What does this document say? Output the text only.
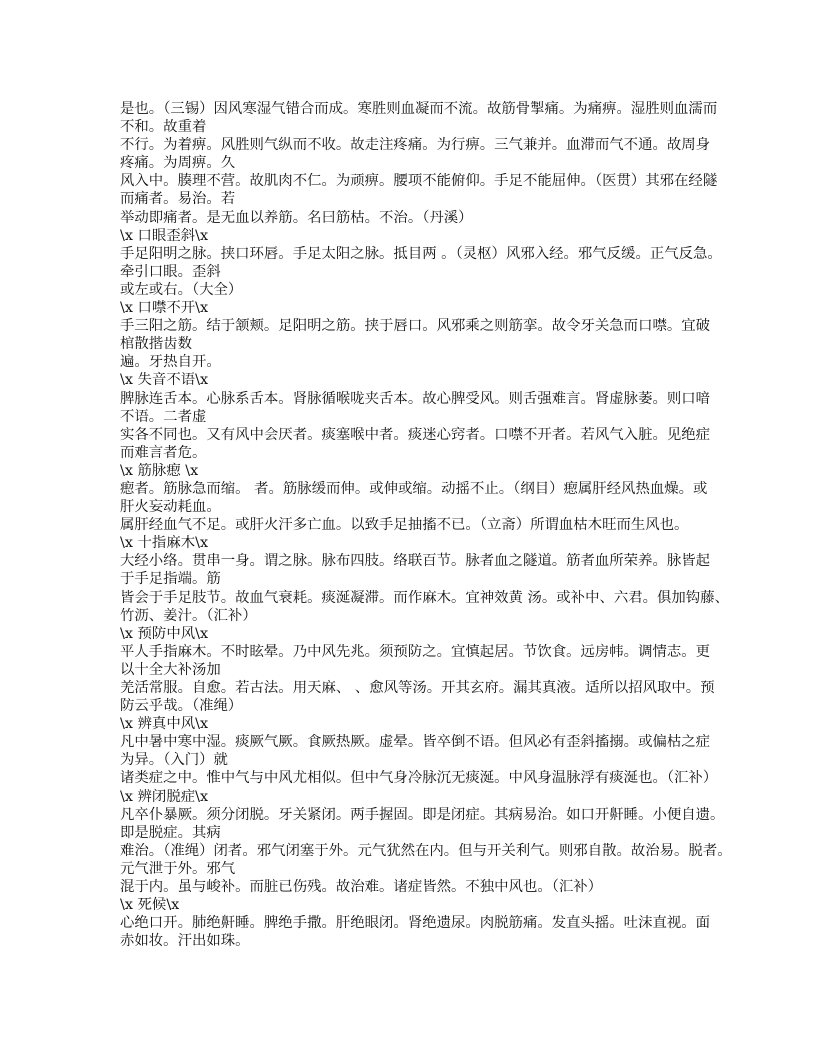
是也。（三锡）因风寒湿气错合而成。寒胜则血凝而不流。故筋骨掣痛。为痛痹。湿胜则血濡而
不和。故重着
不行。为着痹。风胜则气纵而不收。故走注疼痛。为行痹。三气兼并。血滞而气不通。故周身
疼痛。为周痹。久
风入中。腠理不营。故肌肉不仁。为顽痹。腰项不能俯仰。手足不能屈伸。（医贯）其邪在经隧
而痛者。易治。若
举动即痛者。是无血以养筋。名曰筋枯。不治。（丹溪）
\x 口眼歪斜\x
手足阳明之脉。挟口环唇。手足太阳之脉。抵目两 。（灵枢）风邪入经。邪气反缓。正气反急。
牵引口眼。歪斜
或左或右。（大全）
\x 口噤不开\x
手三阳之筋。结于颔颊。足阳明之筋。挟于唇口。风邪乘之则筋挛。故令牙关急而口噤。宜破
棺散揩齿数
遍。牙热自开。
\x 失音不语\x
脾脉连舌本。心脉系舌本。肾脉循喉咙夹舌本。故心脾受风。则舌强难言。肾虚脉萎。则口喑
不语。二者虚
实各不同也。又有风中会厌者。痰塞喉中者。痰迷心窍者。口噤不开者。若风气入脏。见绝症
而难言者危。
\x 筋脉瘛 \x
瘛者。筋脉急而缩。 者。筋脉缓而伸。或伸或缩。动摇不止。（纲目）瘛属肝经风热血燥。或
肝火妄动耗血。
属肝经血气不足。或肝火汗多亡血。以致手足抽搐不已。（立斋）所谓血枯木旺而生风也。
\x 十指麻木\x
大经小络。贯串一身。谓之脉。脉布四肢。络联百节。脉者血之隧道。筋者血所荣养。脉皆起
于手足指端。筋
皆会于手足肢节。故血气衰耗。痰涎凝滞。而作麻木。宜神效黄 汤。或补中、六君。俱加钩藤、
竹沥、姜汁。（汇补）
\x 预防中风\x
平人手指麻木。不时眩晕。乃中风先兆。须预防之。宜慎起居。节饮食。远房帏。调情志。更
以十全大补汤加
羌活常服。自愈。若古法。用天麻、 、愈风等汤。开其玄府。漏其真液。适所以招风取中。预
防云乎哉。（准绳）
\x 辨真中风\x
凡中暑中寒中湿。痰厥气厥。食厥热厥。虚晕。皆卒倒不语。但风必有歪斜搐搦。或偏枯之症
为异。（入门）就
诸类症之中。惟中气与中风尤相似。但中气身冷脉沉无痰涎。中风身温脉浮有痰涎也。（汇补）
\x 辨闭脱症\x
凡卒仆暴厥。须分闭脱。牙关紧闭。两手握固。即是闭症。其病易治。如口开鼾睡。小便自遗。
即是脱症。其病
难治。（准绳）闭者。邪气闭塞于外。元气犹然在内。但与开关利气。则邪自散。故治易。脱者。
元气泄于外。邪气
混于内。虽与峻补。而脏已伤残。故治难。诸症皆然。不独中风也。（汇补）
\x 死候\x
心绝口开。肺绝鼾睡。脾绝手撒。肝绝眼闭。肾绝遗尿。肉脱筋痛。发直头摇。吐沫直视。面
赤如妆。汗出如珠。
